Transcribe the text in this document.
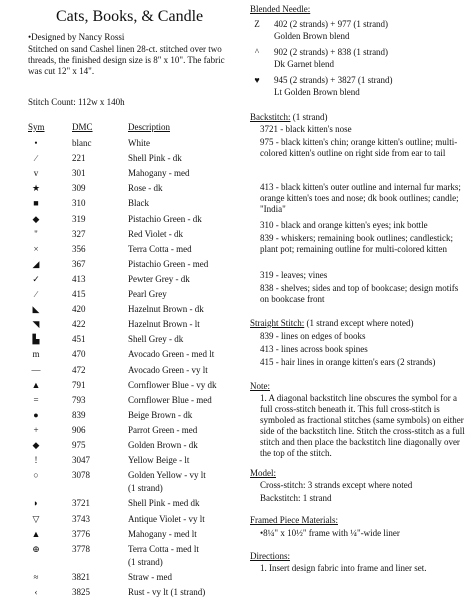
Cats, Books, & Candle
•Designed by Nancy Rossi
Stitched on sand Cashel linen 28-ct. stitched over two threads, the finished design size is 8" x 10". The fabric was cut 12" x 14".
Stitch Count: 112w x 140h
Sym	DMC	Description
•	blanc	White
∕	221	Shell Pink - dk
v	301	Mahogany - med
★	309	Rose - dk
■	310	Black
◆	319	Pistachio Green - dk
"	327	Red Violet - dk
×	356	Terra Cotta - med
◢	367	Pistachio Green - med
✓	413	Pewter Grey - dk
∕	415	Pearl Grey
◣	420	Hazelnut Brown - dk
◥	422	Hazelnut Brown - lt
▙	451	Shell Grey - dk
m	470	Avocado Green - med lt
—	472	Avocado Green - vy lt
▲	791	Cornflower Blue - vy dk
=	793	Cornflower Blue - med
●	839	Beige Brown - dk
+	906	Parrot Green - med
◆	975	Golden Brown - dk
!	3047	Yellow Beige - lt
○	3078	Golden Yellow - vy lt
(1 strand)
◗	3721	Shell Pink - med dk
▽	3743	Antique Violet - vy lt
▲	3776	Mahogany - med lt
⊕	3778	Terra Cotta - med lt
(1 strand)
≈	3821	Straw - med
‹	3825	Rust - vy lt (1 strand)
Blended Needle:
Z	402 (2 strands) + 977 (1 strand)
Golden Brown blend
^	902 (2 strands) + 838 (1 strand)
Dk Garnet blend
♥	945 (2 strands) + 3827 (1 strand)
Lt Golden Brown blend
Backstitch: (1 strand)
3721 - black kitten's nose
975 - black kitten's chin; orange kitten's outline; multi-colored kitten's outline on right side from ear to tail
413 - black kitten's outer outline and internal fur marks; orange kitten's toes and nose; dk book outlines; candle; "India"
310 - black and orange kitten's eyes; ink bottle
839 - whiskers; remaining book outlines; candlestick; plant pot; remaining outline for multi-colored kitten
319 - leaves; vines
838 - shelves; sides and top of bookcase; design motifs on bookcase front
Straight Stitch: (1 strand except where noted)
839 - lines on edges of books
413 - lines across book spines
415 - hair lines in orange kitten's ears (2 strands)
Note:
1. A diagonal backstitch line obscures the symbol for a full cross-stitch beneath it. This full cross-stitch is symboled as fractional stitches (same symbols) on either side of the backstitch line. Stitch the cross-stitch as a full stitch and then place the backstitch line diagonally over the top of the stitch.
Model:
Cross-stitch: 3 strands except where noted
Backstitch: 1 strand
Framed Piece Materials:
•8¼" x 10½" frame with ¼"-wide liner
Directions:
1. Insert design fabric into frame and liner set.
